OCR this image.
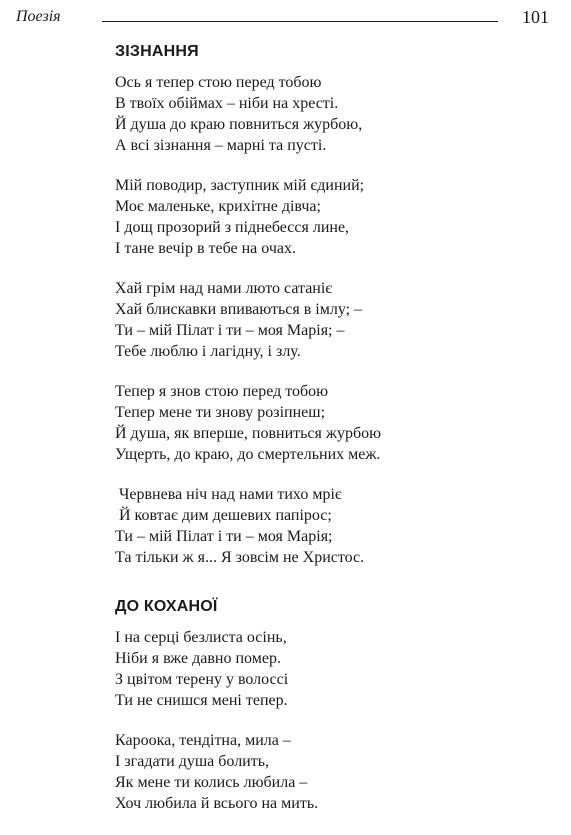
Поезія	101
ЗІЗНАННЯ
Ось я тепер стою перед тобою
В твоїх обіймах – ніби на хресті.
Й душа до краю повниться журбою,
А всі зізнання – марні та пусті.
Мій поводир, заступник мій єдиний;
Моє маленьке, крихітне дівча;
І дощ прозорий з піднебесся лине,
І тане вечір в тебе на очах.
Хай грім над нами люто сатаніє
Хай блискавки впиваються в імлу; –
Ти – мій Пілат і ти – моя Марія; –
Тебе люблю і лагідну, і злу.
Тепер я знов стою перед тобою
Тепер мене ти знову розіпнеш;
Й душа, як вперше, повниться журбою
Ущерть, до краю, до смертельних меж.
Червнева ніч над нами тихо мріє
Й ковтає дим дешевих папірос;
Ти – мій Пілат і ти – моя Марія;
Та тільки ж я... Я зовсім не Христос.
ДО КОХАНОЇ
І на серці безлиста осінь,
Ніби я вже давно помер.
З цвітом терену у волоссі
Ти не снишся мені тепер.
Кароока, тендітна, мила –
І згадати душа болить,
Як мене ти колись любила –
Хоч любила й всього на мить.
